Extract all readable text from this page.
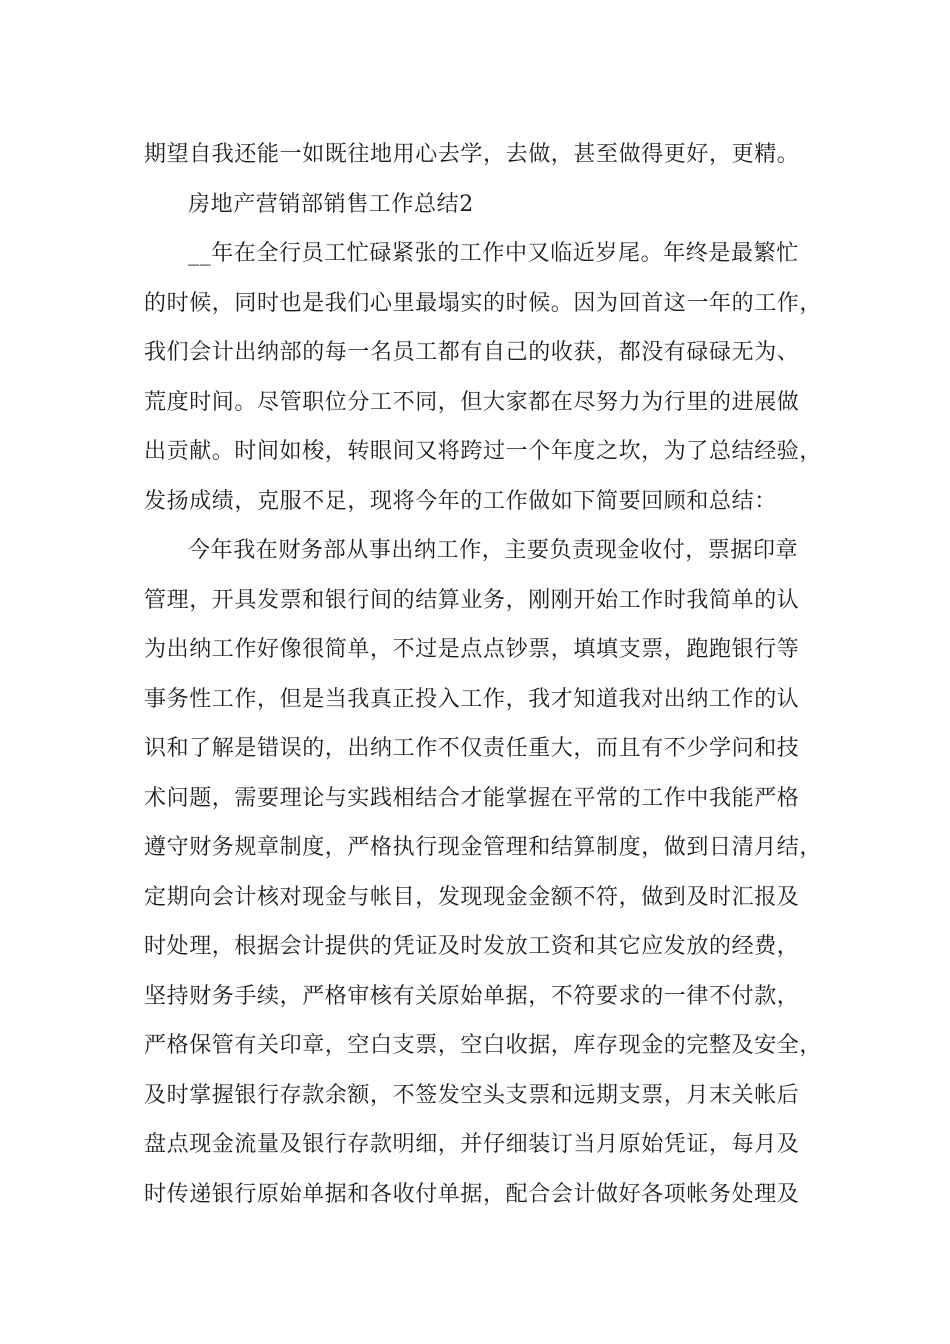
期望自我还能一如既往地用心去学，去做，甚至做得更好，更精。
房地产营销部销售工作总结2
__年在全行员工忙碌紧张的工作中又临近岁尾。年终是最繁忙
的时候，同时也是我们心里最塌实的时候。因为回首这一年的工作，
我们会计出纳部的每一名员工都有自己的收获，都没有碌碌无为、
荒度时间。尽管职位分工不同，但大家都在尽努力为行里的进展做
出贡献。时间如梭，转眼间又将跨过一个年度之坎，为了总结经验，
发扬成绩，克服不足，现将今年的工作做如下简要回顾和总结：
今年我在财务部从事出纳工作，主要负责现金收付，票据印章
管理，开具发票和银行间的结算业务，刚刚开始工作时我简单的认
为出纳工作好像很简单，不过是点点钞票，填填支票，跑跑银行等
事务性工作，但是当我真正投入工作，我才知道我对出纳工作的认
识和了解是错误的，出纳工作不仅责任重大，而且有不少学问和技
术问题，需要理论与实践相结合才能掌握在平常的工作中我能严格
遵守财务规章制度，严格执行现金管理和结算制度，做到日清月结，
定期向会计核对现金与帐目，发现现金金额不符，做到及时汇报及
时处理，根据会计提供的凭证及时发放工资和其它应发放的经费，
坚持财务手续，严格审核有关原始单据，不符要求的一律不付款，
严格保管有关印章，空白支票，空白收据，库存现金的完整及安全，
及时掌握银行存款余额，不签发空头支票和远期支票，月末关帐后
盘点现金流量及银行存款明细，并仔细装订当月原始凭证，每月及
时传递银行原始单据和各收付单据，配合会计做好各项帐务处理及
